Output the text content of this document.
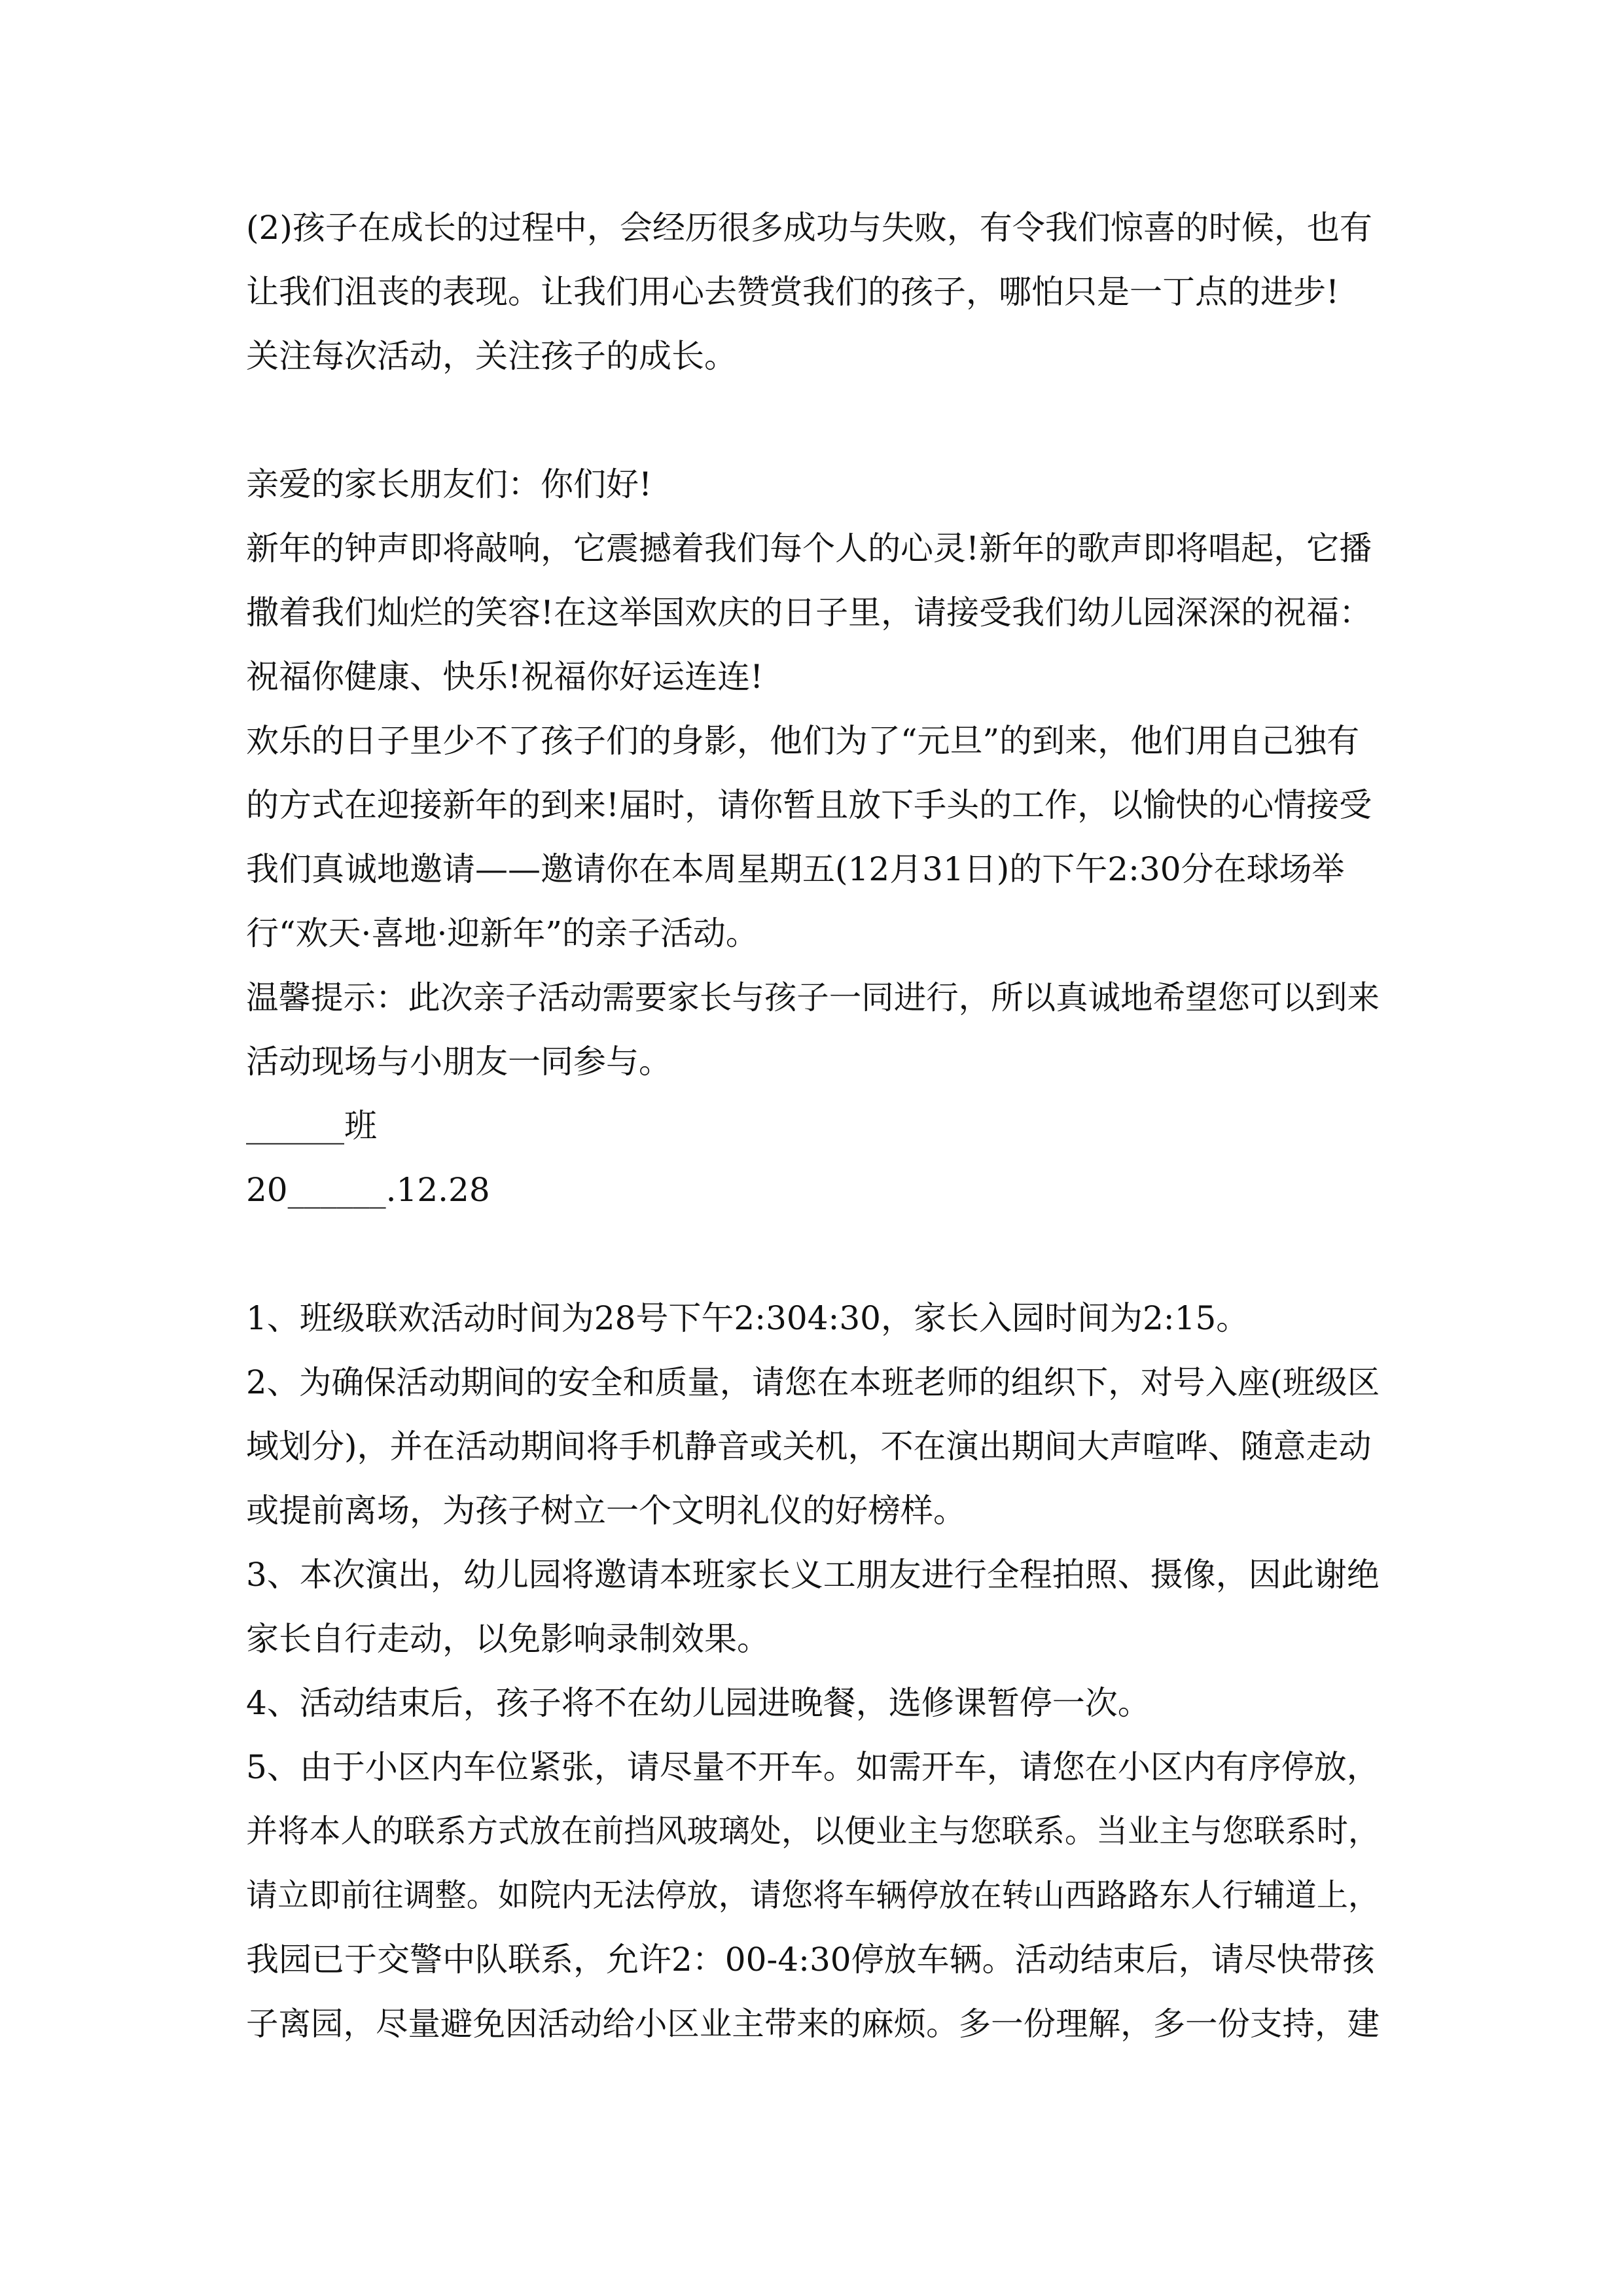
(2)孩子在成长的过程中，会经历很多成功与失败，有令我们惊喜的时候，也有
让我们沮丧的表现。让我们用心去赞赏我们的孩子，哪怕只是一丁点的进步!
关注每次活动，关注孩子的成长。
亲爱的家长朋友们：你们好!
新年的钟声即将敲响，它震撼着我们每个人的心灵!新年的歌声即将唱起，它播
撒着我们灿烂的笑容!在这举国欢庆的日子里，请接受我们幼儿园深深的祝福：
祝福你健康、快乐!祝福你好运连连!
欢乐的日子里少不了孩子们的身影，他们为了“元旦”的到来，他们用自己独有
的方式在迎接新年的到来!届时，请你暂且放下手头的工作，以愉快的心情接受
我们真诚地邀请——邀请你在本周星期五(12月31日)的下午2:30分在球场举
行“欢天·喜地·迎新年”的亲子活动。
温馨提示：此次亲子活动需要家长与孩子一同进行，所以真诚地希望您可以到来
活动现场与小朋友一同参与。
______班
20______.12.28
1、班级联欢活动时间为28号下午2:304:30，家长入园时间为2:15。
2、为确保活动期间的安全和质量，请您在本班老师的组织下，对号入座(班级区
域划分)，并在活动期间将手机静音或关机，不在演出期间大声喧哗、随意走动
或提前离场，为孩子树立一个文明礼仪的好榜样。
3、本次演出，幼儿园将邀请本班家长义工朋友进行全程拍照、摄像，因此谢绝
家长自行走动，以免影响录制效果。
4、活动结束后，孩子将不在幼儿园进晚餐，选修课暂停一次。
5、由于小区内车位紧张，请尽量不开车。如需开车，请您在小区内有序停放，
并将本人的联系方式放在前挡风玻璃处，以便业主与您联系。当业主与您联系时，
请立即前往调整。如院内无法停放，请您将车辆停放在转山西路路东人行辅道上，
我园已于交警中队联系，允许2：00-4:30停放车辆。活动结束后，请尽快带孩
子离园，尽量避免因活动给小区业主带来的麻烦。多一份理解，多一份支持，建
